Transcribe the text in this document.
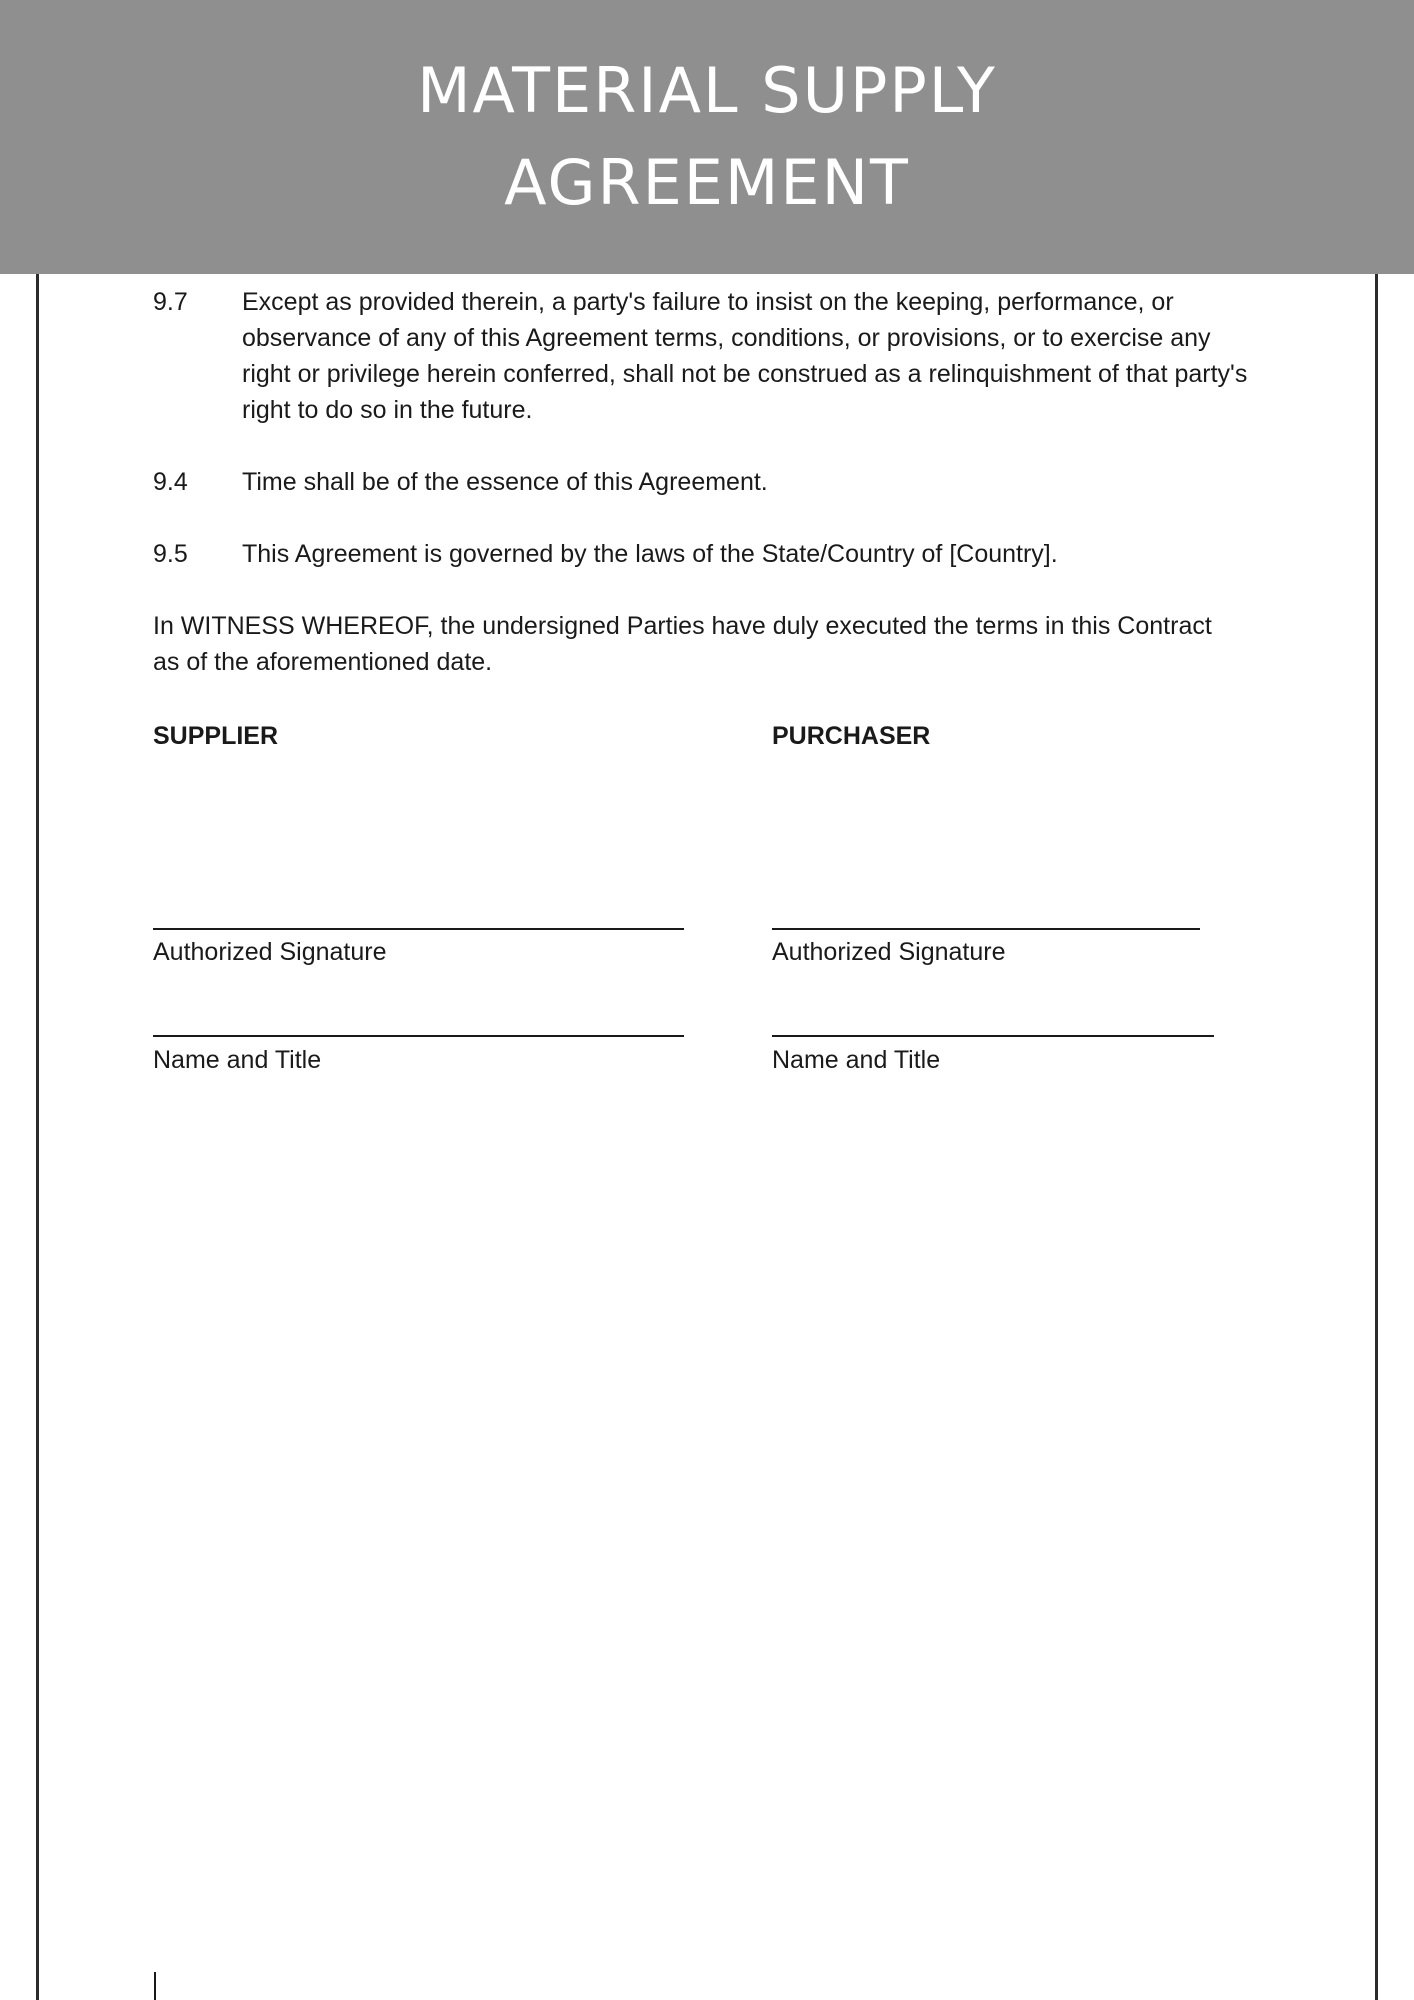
MATERIAL SUPPLY
AGREEMENT
9.7	Except as provided therein, a party's failure to insist on the keeping, performance, or observance of any of this Agreement terms, conditions, or provisions, or to exercise any right or privilege herein conferred, shall not be construed as a relinquishment of that party's right to do so in the future.
9.4	Time shall be of the essence of this Agreement.
9.5	This Agreement is governed by the laws of the State/Country of [Country].
In WITNESS WHEREOF, the undersigned Parties have duly executed the terms in this Contract as of the aforementioned date.
SUPPLIER	PURCHASER
Authorized Signature	Authorized Signature
Name and Title	Name and Title
